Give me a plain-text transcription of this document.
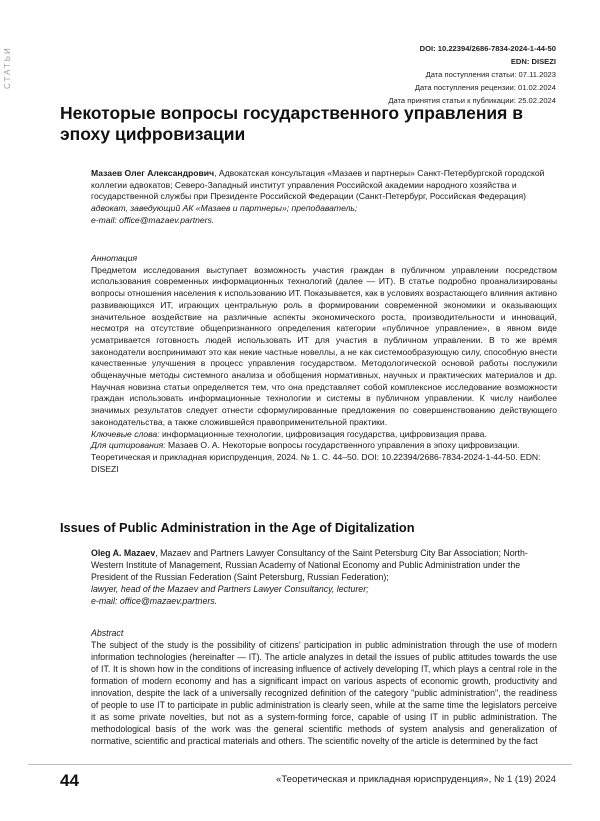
СТАТЬИ	DOI: 10.22394/2686-7834-2024-1-44-50
EDN: DISEZI
Дата поступления статьи: 07.11.2023
Дата поступления рецензии: 01.02.2024
Дата принятия статьи к публикации: 25.02.2024
Некоторые вопросы государственного управления в эпоху цифровизации

Мазаев Олег Александрович, Адвокатская консультация «Мазаев и партнеры» Санкт-Петербургской городской коллегии адвокатов; Северо-Западный институт управления Российской академии народного хозяйства и государственной службы при Президенте Российской Федерации (Санкт-Петербург, Российская Федерация)

адвокат, заведующий АК «Мазаев и партнеры»; преподаватель;

e-mail: office@mazaev.partners.

Аннотация

Предметом исследования выступает возможность участия граждан в публичном управлении посредством использования современных информационных технологий (далее — ИТ). В статье подробно проанализированы вопросы отношения населения к использованию ИТ. Показывается, как в условиях возрастающего влияния активно развивающихся ИТ, играющих центральную роль в формировании современной экономики и оказывающих значительное воздействие на различные аспекты экономического роста, производительности и инноваций, несмотря на отсутствие общепризнанного определения категории «публичное управление», в явном виде усматривается готовность людей использовать ИТ для участия в публичном управлении. В то же время законодатели воспринимают это как некие частные новеллы, а не как системообразующую силу, способную внести качественные улучшения в процесс управления государством. Методологической основой работы послужили общенаучные методы системного анализа и обобщения нормативных, научных и практических материалов и др. Научная новизна статьи определяется тем, что она представляет собой комплексное исследование возможности граждан использовать информационные технологии и системы в публичном управлении. К числу наиболее значимых результатов следует отнести сформулированные предложения по совершенствованию действующего законодательства, а также сложившейся правоприменительной практики.

Ключевые слова: информационные технологии, цифровизация государства, цифровизация права.

Для цитирования: Мазаев О. А. Некоторые вопросы государственного управления в эпоху цифровизации. Теоретическая и прикладная юриспруденция, 2024. № 1. С. 44–50. DOI: 10.22394/2686-7834-2024-1-44-50. EDN: DISEZI

Issues of Public Administration in the Age of Digitalization

Oleg A. Mazaev, Mazaev and Partners Lawyer Consultancy of the Saint Petersburg City Bar Association; North-Western Institute of Management, Russian Academy of National Economy and Public Administration under the President of the Russian Federation (Saint Petersburg, Russian Federation);

lawyer, head of the Mazaev and Partners Lawyer Consultancy, lecturer;

e-mail: office@mazaev.partners.

Abstract

The subject of the study is the possibility of citizens' participation in public administration through the use of modern information technologies (hereinafter — IT). The article analyzes in detail the issues of public attitudes towards the use of IT. It is shown how in the conditions of increasing influence of actively developing IT, which plays a central role in the formation of modern economy and has a significant impact on various aspects of economic growth, productivity and innovation, despite the lack of a universally recognized definition of the category "public administration", the readiness of people to use IT to participate in public administration is clearly seen, while at the same time the legislators perceive it as some private novelties, but not as a system-forming force, capable of using IT in public administration. The methodological basis of the work was the general scientific methods of system analysis and generalization of normative, scientific and practical materials and others. The scientific novelty of the article is determined by the fact

44	«Теоретическая и прикладная юриспруденция», № 1 (19) 2024
